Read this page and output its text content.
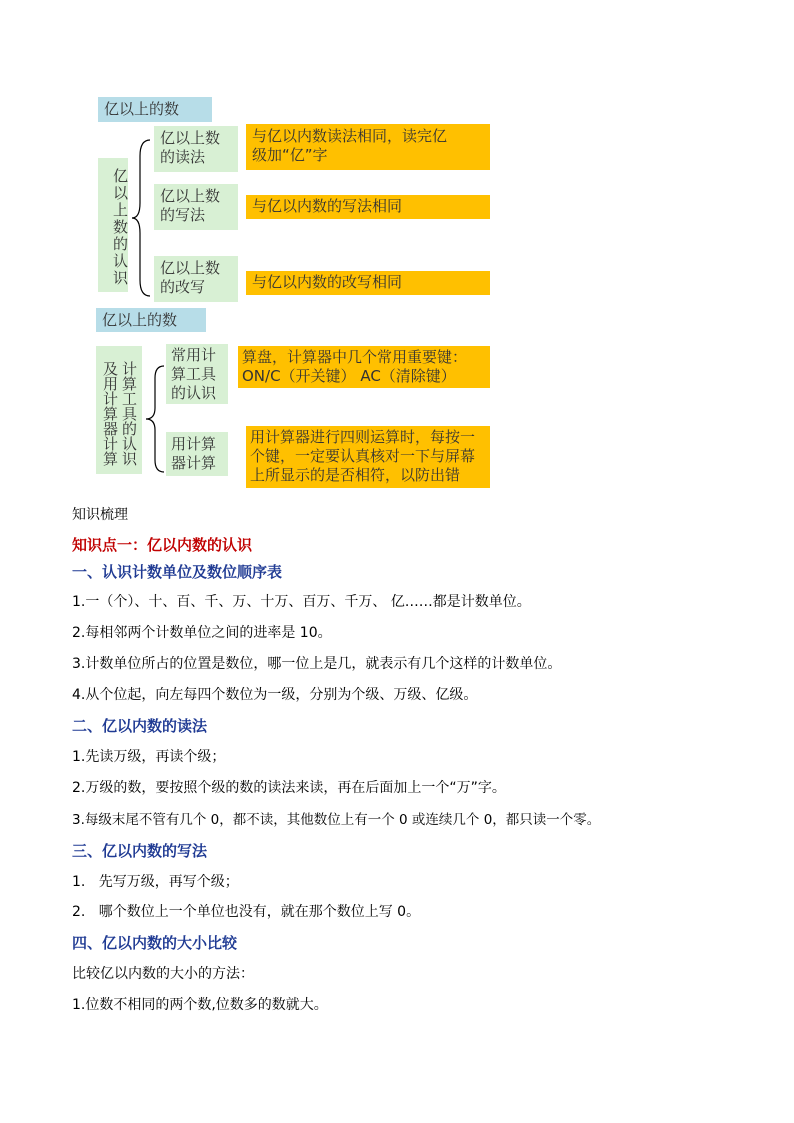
亿以上的数
亿以上数的认识
亿以上数
的读法
与亿以内数读法相同，读完亿
级加“亿”字
亿以上数
的写法	与亿以内数的写法相同
亿以上数
的改写	与亿以内数的改写相同
亿以上的数
计算工具的认识
及用计算器计算
常用计
算工具
的认识
算盘，计算器中几个常用重要键：
ON/C（开关键） AC（清除键）
用计算
器计算
用计算器进行四则运算时，每按一
个键，一定要认真核对一下与屏幕
上所显示的是否相符，以防出错
知识梳理
知识点一：亿以内数的认识
一、认识计数单位及数位顺序表
1.一（个）、十、百、千、万、十万、百万、千万、 亿……都是计数单位。
2.每相邻两个计数单位之间的进率是 10。
3.计数单位所占的位置是数位，哪一位上是几，就表示有几个这样的计数单位。
4.从个位起，向左每四个数位为一级，分别为个级、万级、亿级。
二、亿以内数的读法
1.先读万级，再读个级；
2.万级的数，要按照个级的数的读法来读，再在后面加上一个“万”字。
3.每级末尾不管有几个 0，都不读，其他数位上有一个 0 或连续几个 0，都只读一个零。
三、亿以内数的写法
1.   先写万级，再写个级；
2.   哪个数位上一个单位也没有，就在那个数位上写 0。
四、亿以内数的大小比较
比较亿以内数的大小的方法：
1.位数不相同的两个数,位数多的数就大。
